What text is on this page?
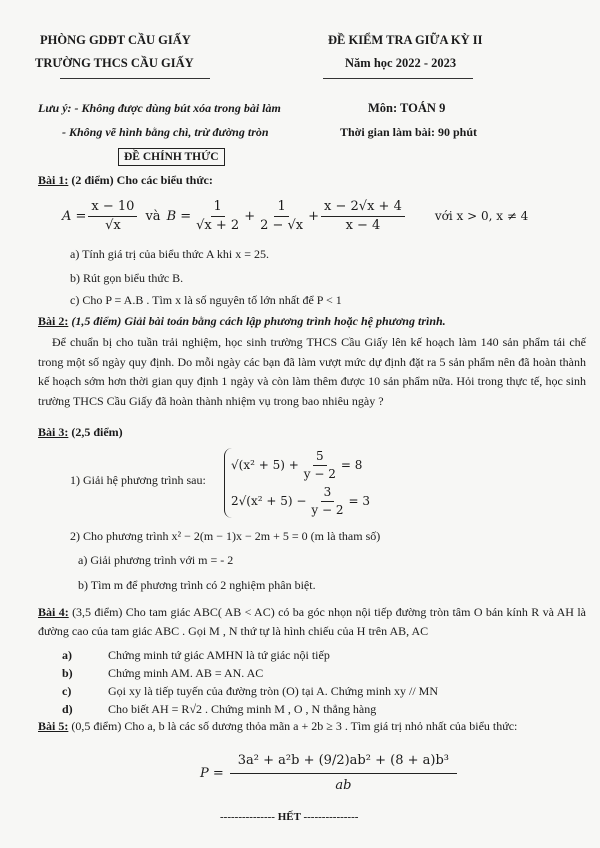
PHÒNG GDĐT CẦU GIẤY
TRƯỜNG THCS CẦU GIẤY
ĐỀ KIỂM TRA GIỮA KỲ II
Năm học 2022 - 2023
Lưu ý: - Không được dùng bút xóa trong bài làm
- Không vẽ hình bằng chì, trừ đường tròn
Môn: TOÁN 9
Thời gian làm bài: 90 phút
ĐỀ CHÍNH THỨC
Bài 1: (2 điểm) Cho các biểu thức:
$A = \frac{x - 10}{√x}$ và $B = \frac{1}{√x + 2} + \frac{1}{2 - √x} + \frac{x - 2√x + 4}{x - 4}$	với x > 0, x ≠ 4
a) Tính giá trị của biểu thức A khi x = 25.
b) Rút gọn biểu thức B.
c) Cho P = A.B . Tìm x là số nguyên tố lớn nhất để P < 1
Bài 2: (1,5 điểm) Giải bài toán bằng cách lập phương trình hoặc hệ phương trình.
Để chuẩn bị cho tuần trải nghiệm, học sinh trường THCS Cầu Giấy lên kế hoạch làm 140 sản phẩm tái chế trong một số ngày quy định. Do mỗi ngày các bạn đã làm vượt mức dự định đặt ra 5 sản phẩm nên đã hoàn thành kế hoạch sớm hơn thời gian quy định 1 ngày và còn làm thêm được 10 sản phẩm nữa. Hỏi trong thực tế, học sinh trường THCS Cầu Giấy đã hoàn thành nhiệm vụ trong bao nhiêu ngày ?
Bài 3: (2,5 điểm)
1) Giải hệ phương trình sau:
$√(x^2 + 5) + \frac{5}{y - 2} = 8$
$2√(x^2 + 5) - \frac{3}{y - 2} = 3$
2) Cho phương trình x² − 2(m − 1)x − 2m + 5 = 0 (m là tham số)
a) Giải phương trình với m = - 2
b) Tìm m để phương trình có 2 nghiệm phân biệt.
Bài 4: (3,5 điểm) Cho tam giác ABC( AB < AC) có ba góc nhọn nội tiếp đường tròn tâm O bán kính R và AH là đường cao của tam giác ABC . Gọi M , N thứ tự là hình chiếu của H trên AB, AC
a)	Chứng minh tứ giác AMHN là tứ giác nội tiếp
b)	Chứng minh AM. AB = AN. AC
c)	Gọi xy là tiếp tuyến của đường tròn (O) tại A. Chứng minh xy // MN
d)	Cho biết AH = R√2 . Chứng minh M , O , N thẳng hàng
Bài 5: (0,5 điểm) Cho a, b là các số dương thỏa mãn a + 2b ≥ 3 . Tìm giá trị nhỏ nhất của biểu thức:
$P = \frac{\text{3a² + a²b + (9/2)ab² + (8 + a)b³}}{ab}$
--------------- HẾT ---------------
